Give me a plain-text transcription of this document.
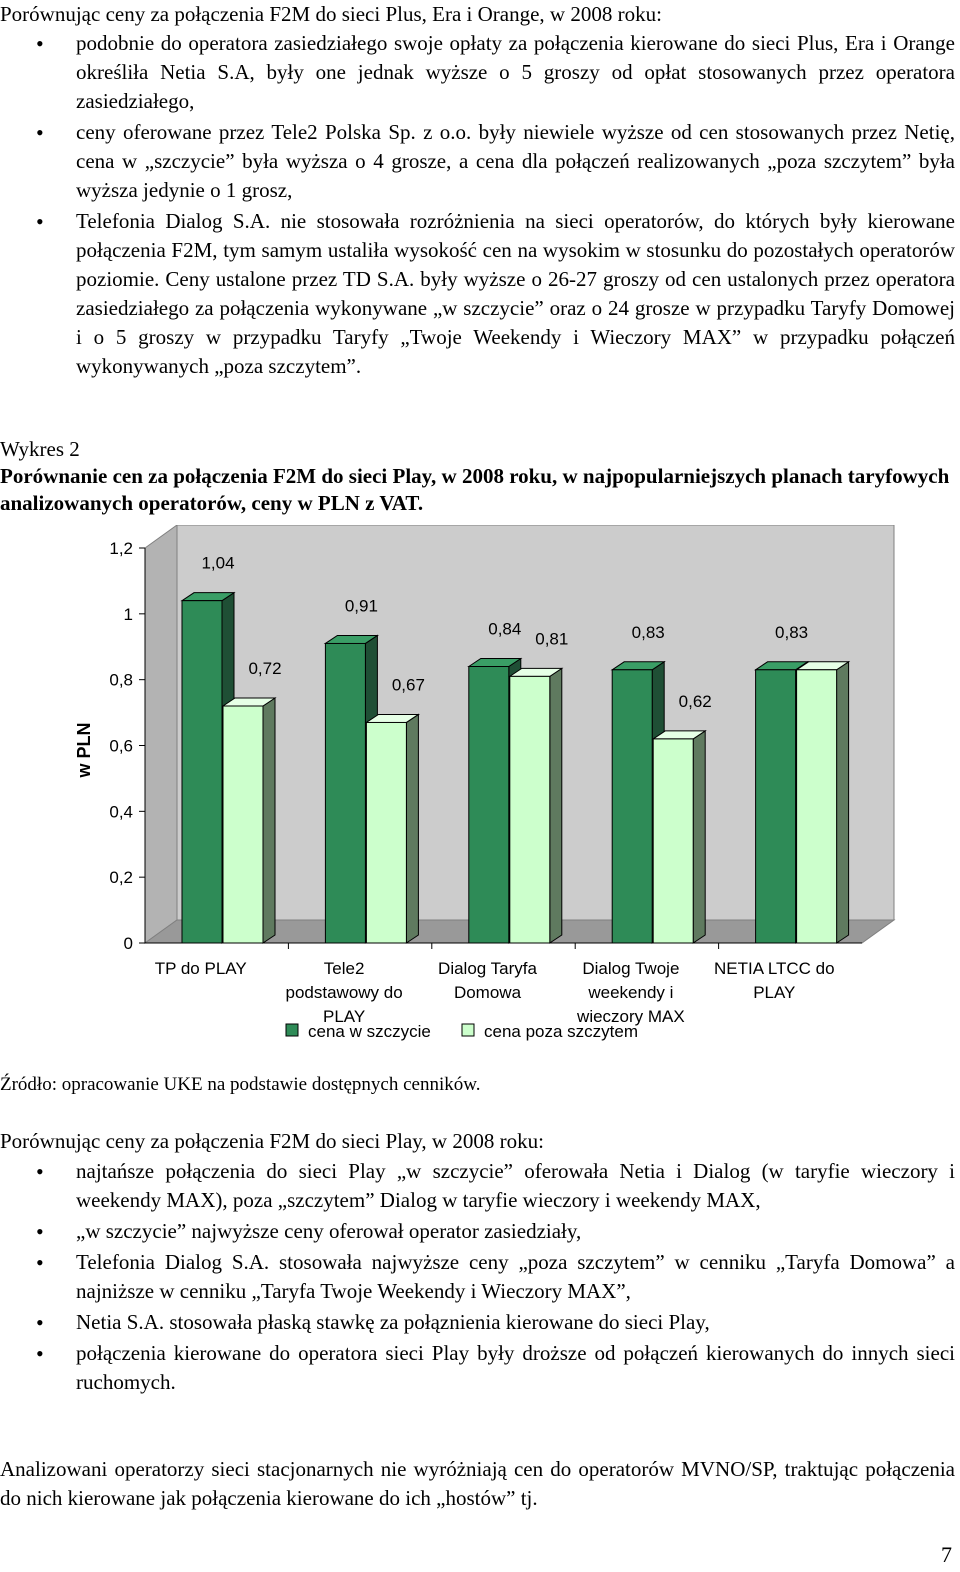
Porównując ceny za połączenia F2M do sieci Plus, Era i Orange, w 2008 roku:

• podobnie do operatora zasiedziałego swoje opłaty za połączenia kierowane do sieci Plus, Era i Orange określiła Netia S.A, były one jednak wyższe o 5 groszy od opłat stosowanych przez operatora zasiedziałego,
• ceny oferowane przez Tele2 Polska Sp. z o.o. były niewiele wyższe od cen stosowanych przez Netię, cena w „szczycie” była wyższa o 4 grosze, a cena dla połączeń realizowanych „poza szczytem” była wyższa jedynie o 1 grosz,
• Telefonia Dialog S.A. nie stosowała rozróżnienia na sieci operatorów, do których były kierowane połączenia F2M, tym samym ustaliła wysokość cen na wysokim w stosunku do pozostałych operatorów poziomie. Ceny ustalone przez TD S.A. były wyższe o 26-27 groszy od cen ustalonych przez operatora zasiedziałego za połączenia wykonywane „w szczycie” oraz o 24 grosze w przypadku Taryfy Domowej i o 5 groszy w przypadku Taryfy „Twoje Weekendy i Wieczory MAX” w przypadku połączeń wykonywanych „poza szczytem”.
Wykres 2
Porównanie cen za połączenia F2M do sieci Play, w 2008 roku, w najpopularniejszych planach taryfowych analizowanych operatorów, ceny w PLN z VAT.
0
0,2
0,4
0,6
0,8
1
1,2
w PLN
1,04
0,72
TP do PLAY
0,91
0,67
Tele2
podstawowy do
PLAY
0,84
0,81
Dialog Taryfa
Domowa
0,83
0,62
Dialog Twoje
weekendy i
wieczory MAX
0,83
NETIA LTCC do
PLAY
cena w szczycie	cena poza szczytem
Źródło: opracowanie UKE na podstawie dostępnych cenników.

Porównując ceny za połączenia F2M do sieci Play, w 2008 roku:

• najtańsze połączenia do sieci Play „w szczycie” oferowała Netia i Dialog (w taryfie wieczory i weekendy MAX), poza „szczytem” Dialog w taryfie wieczory i weekendy MAX,
• „w szczycie” najwyższe ceny oferował operator zasiedziały,
• Telefonia Dialog S.A. stosowała najwyższe ceny „poza szczytem” w cenniku „Taryfa Domowa” a najniższe w cenniku „Taryfa Twoje Weekendy i Wieczory MAX”,
• Netia S.A. stosowała płaską stawkę za połąznienia kierowane do sieci Play,
• połączenia kierowane do operatora sieci Play były droższe od połączeń kierowanych do innych sieci ruchomych.

Analizowani operatorzy sieci stacjonarnych nie wyróżniają cen do operatorów MVNO/SP, traktując połączenia do nich kierowane jak połączenia kierowane do ich „hostów” tj.

7
